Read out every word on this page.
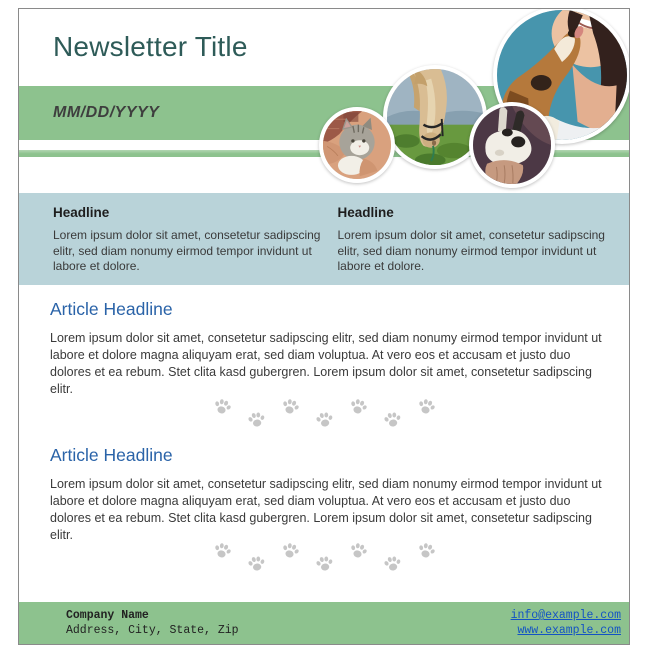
Newsletter Title
MM/DD/YYYY
Headline
Lorem ipsum dolor sit amet, consetetur sadipscing elitr, sed diam nonumy eirmod tempor invidunt ut labore et dolore.
Headline
Lorem ipsum dolor sit amet, consetetur sadipscing elitr, sed diam nonumy eirmod tempor invidunt ut labore et dolore.
Article Headline
Lorem ipsum dolor sit amet, consetetur sadipscing elitr, sed diam nonumy eirmod tempor invidunt ut labore et dolore magna aliquyam erat, sed diam voluptua. At vero eos et accusam et justo duo dolores et ea rebum. Stet clita kasd gubergren. Lorem ipsum dolor sit amet, consetetur sadipscing elitr.
Article Headline
Lorem ipsum dolor sit amet, consetetur sadipscing elitr, sed diam nonumy eirmod tempor invidunt ut labore et dolore magna aliquyam erat, sed diam voluptua. At vero eos et accusam et justo duo dolores et ea rebum. Stet clita kasd gubergren. Lorem ipsum dolor sit amet, consetetur sadipscing elitr.
Company Name
Address, City, State, Zip
info@example.com
www.example.com
